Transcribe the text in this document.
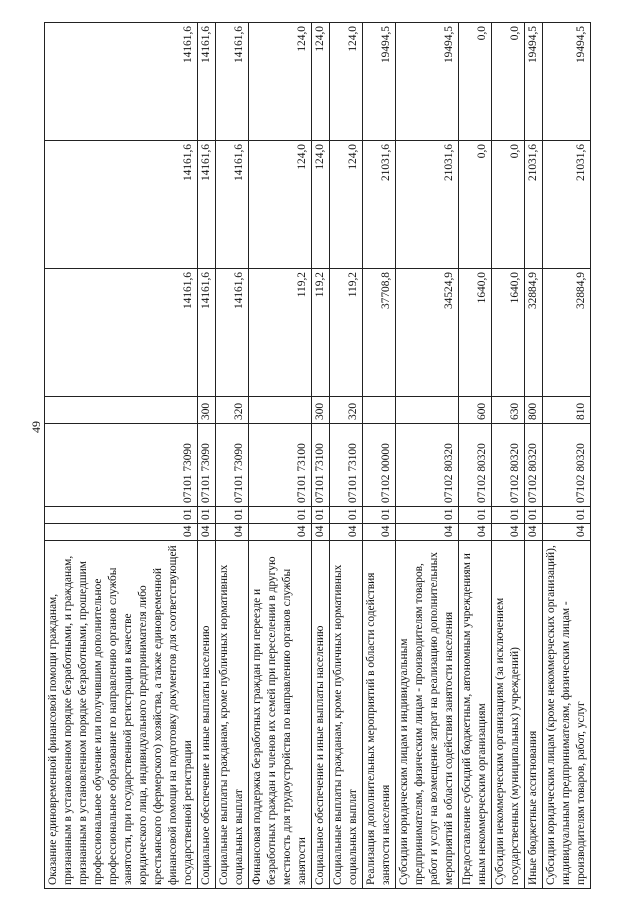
49
Оказание единовременной финансовой помощи гражданам, признанным в установленном порядке безработными, и гражданам, признанным в установленном порядке безработными, прошедшим профессиональное обучение или получившим дополнительное профессиональное образование по направлению органов службы занятости, при государственной регистрации в качестве юридического лица, индивидуального предпринимателя либо крестьянского (фермерского) хозяйства, а также единовременной финансовой помощи на подготовку документов для соответствующей государственной регистрации	04	01	07101 73090		14161,6	14161,6	14161,6
Социальное обеспечение и иные выплаты населению	04	01	07101 73090	300	14161,6	14161,6	14161,6
Социальные выплаты гражданам, кроме публичных нормативных социальных выплат	04	01	07101 73090	320	14161,6	14161,6	14161,6
Финансовая поддержка безработных граждан при переезде и безработных граждан и членов их семей при переселении в другую местность для трудоустройства по направлению органов службы занятости	04	01	07101 73100		119,2	124,0	124,0
Социальное обеспечение и иные выплаты населению	04	01	07101 73100	300	119,2	124,0	124,0
Социальные выплаты гражданам, кроме публичных нормативных социальных выплат	04	01	07101 73100	320	119,2	124,0	124,0
Реализация дополнительных мероприятий в области содействия занятости населения	04	01	07102 00000		37708,8	21031,6	19494,5
Субсидии юридическим лицам и индивидуальным предпринимателям, физическим лицам - производителям товаров, работ и услуг на возмещение затрат на реализацию дополнительных мероприятий в области содействия занятости населения	04	01	07102 80320		34524,9	21031,6	19494,5
Предоставление субсидий бюджетным, автономным учреждениям и иным некоммерческим организациям	04	01	07102 80320	600	1640,0	0,0	0,0
Субсидии некоммерческим организациям (за исключением государственных (муниципальных) учреждений)	04	01	07102 80320	630	1640,0	0,0	0,0
Иные бюджетные ассигнования	04	01	07102 80320	800	32884,9	21031,6	19494,5
Субсидии юридическим лицам (кроме некоммерческих организаций), индивидуальным предпринимателям, физическим лицам - производителям товаров, работ, услуг	04	01	07102 80320	810	32884,9	21031,6	19494,5
